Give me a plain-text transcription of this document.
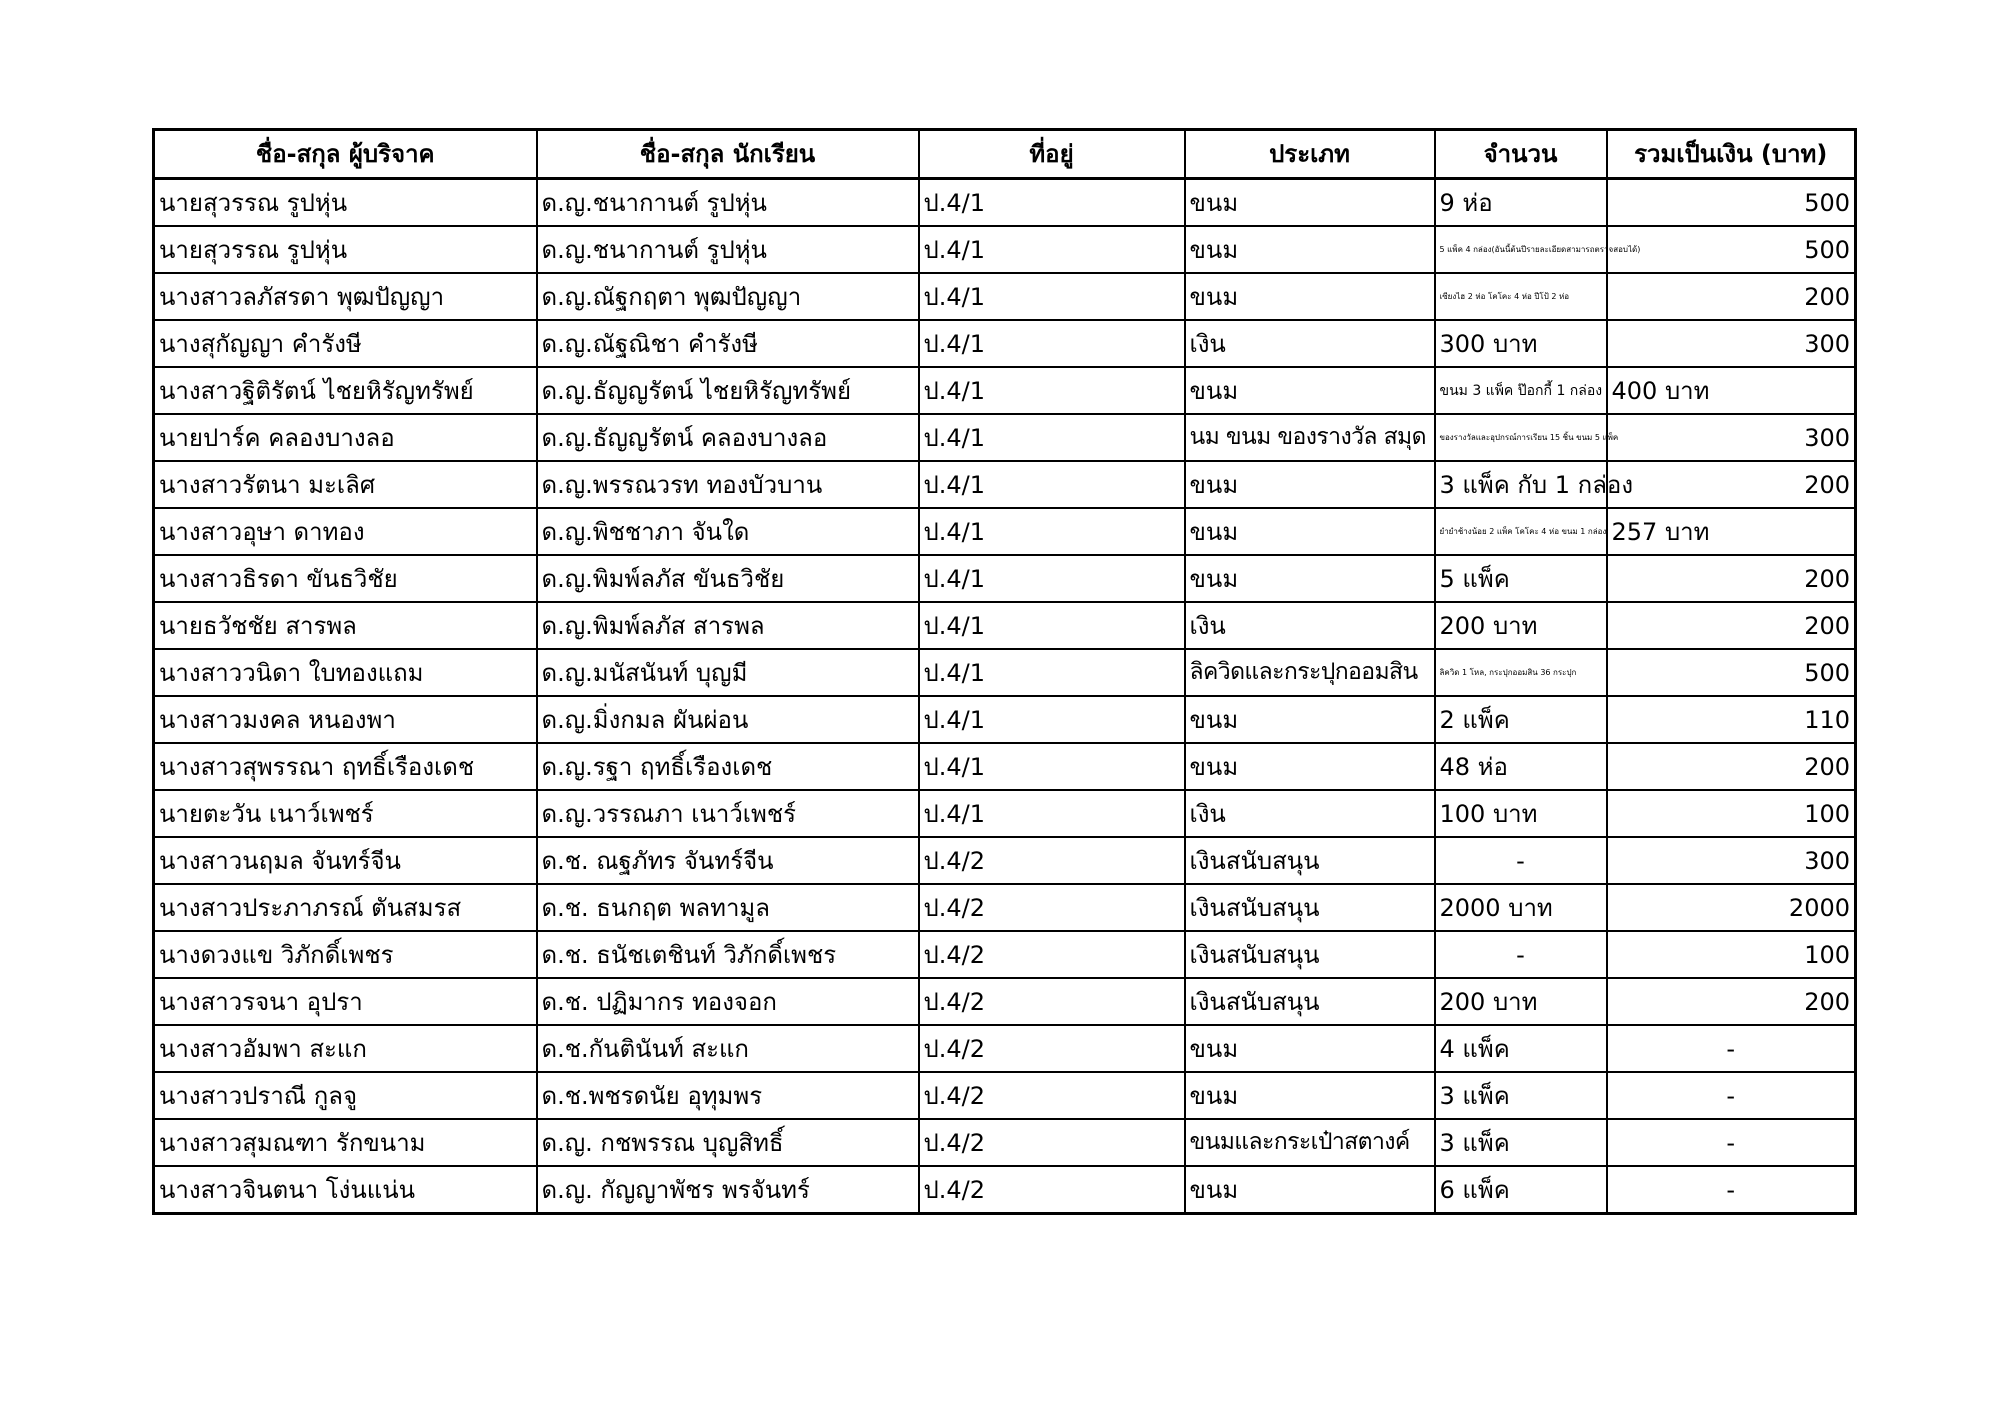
ชื่อ-สกุล ผู้บริจาค	ชื่อ-สกุล นักเรียน	ที่อยู่	ประเภท	จำนวน	รวมเป็นเงิน (บาท)
นายสุวรรณ รูปหุ่น	ด.ญ.ชนากานต์ รูปหุ่น	ป.4/1	ขนม	9 ห่อ	500
นายสุวรรณ รูปหุ่น	ด.ญ.ชนากานต์ รูปหุ่น	ป.4/1	ขนม	5 แพ็ค 4 กล่อง(อันนี้ต้นปีรายละเอียดสามารถตรวจสอบได้)	500
นางสาวลภัสรดา พุฒปัญญา	ด.ญ.ณัฐกฤตา พุฒปัญญา	ป.4/1	ขนม	เซียงไฮ 2 ห่อ โคโคะ 4 ห่อ ปีโป้ 2 ห่อ	200
นางสุกัญญา คำรังษี	ด.ญ.ณัฐณิชา คำรังษี	ป.4/1	เงิน	300 บาท	300
นางสาวฐิติรัตน์ ไชยหิรัญทรัพย์	ด.ญ.ธัญญรัตน์ ไชยหิรัญทรัพย์	ป.4/1	ขนม	ขนม 3 แพ็ค ป๊อกกี้ 1 กล่อง	400 บาท
นายปาร์ค คลองบางลอ	ด.ญ.ธัญญรัตน์ คลองบางลอ	ป.4/1	นม ขนม ของรางวัล สมุด	ของรางวัลและอุปกรณ์การเรียน 15 ชิ้น ขนม 5 แพ็ค	300
นางสาวรัตนา มะเลิศ	ด.ญ.พรรณวรท ทองบัวบาน	ป.4/1	ขนม	3 แพ็ค กับ 1 กล่อง	200
นางสาวอุษา ดาทอง	ด.ญ.พิชชาภา จันใด	ป.4/1	ขนม	ยำยำช้างน้อย 2 แพ็ค โคโคะ 4 ห่อ ขนม 1 กล่อง	257 บาท
นางสาวธิรดา ขันธวิชัย	ด.ญ.พิมพ์ลภัส ขันธวิชัย	ป.4/1	ขนม	5 แพ็ค	200
นายธวัชชัย สารพล	ด.ญ.พิมพ์ลภัส สารพล	ป.4/1	เงิน	200 บาท	200
นางสาววนิดา ใบทองแถม	ด.ญ.มนัสนันท์ บุญมี	ป.4/1	ลิควิดและกระปุกออมสิน	ลิควิด 1 โหล, กระปุกออมสิน 36 กระปุก	500
นางสาวมงคล หนองพา	ด.ญ.มิ่งกมล ผันผ่อน	ป.4/1	ขนม	2 แพ็ค	110
นางสาวสุพรรณา ฤทธิ์เรืองเดช	ด.ญ.รฐา ฤทธิ์เรืองเดช	ป.4/1	ขนม	48 ห่อ	200
นายตะวัน เนาว์เพชร์	ด.ญ.วรรณภา เนาว์เพชร์	ป.4/1	เงิน	100 บาท	100
นางสาวนฤมล จันทร์จีน	ด.ช. ณฐภัทร จันทร์จีน	ป.4/2	เงินสนับสนุน	-	300
นางสาวประภาภรณ์ ตันสมรส	ด.ช. ธนกฤต พลทามูล	ป.4/2	เงินสนับสนุน	2000 บาท	2000
นางดวงแข วิภักดิ์เพชร	ด.ช. ธนัชเตชินท์ วิภักดิ์เพชร	ป.4/2	เงินสนับสนุน	-	100
นางสาวรจนา อุปรา	ด.ช. ปฏิมากร ทองจอก	ป.4/2	เงินสนับสนุน	200 บาท	200
นางสาวอัมพา สะแก	ด.ช.กันตินันท์ สะแก	ป.4/2	ขนม	4 แพ็ค	-
นางสาวปราณี กูลจู	ด.ช.พชรดนัย อุทุมพร	ป.4/2	ขนม	3 แพ็ค	-
นางสาวสุมณฑา รักขนาม	ด.ญ. กชพรรณ บุญสิทธิ์	ป.4/2	ขนมและกระเป๋าสตางค์	3 แพ็ค	-
นางสาวจินตนา โง่นแน่น	ด.ญ. กัญญาพัชร พรจันทร์	ป.4/2	ขนม	6 แพ็ค	-
